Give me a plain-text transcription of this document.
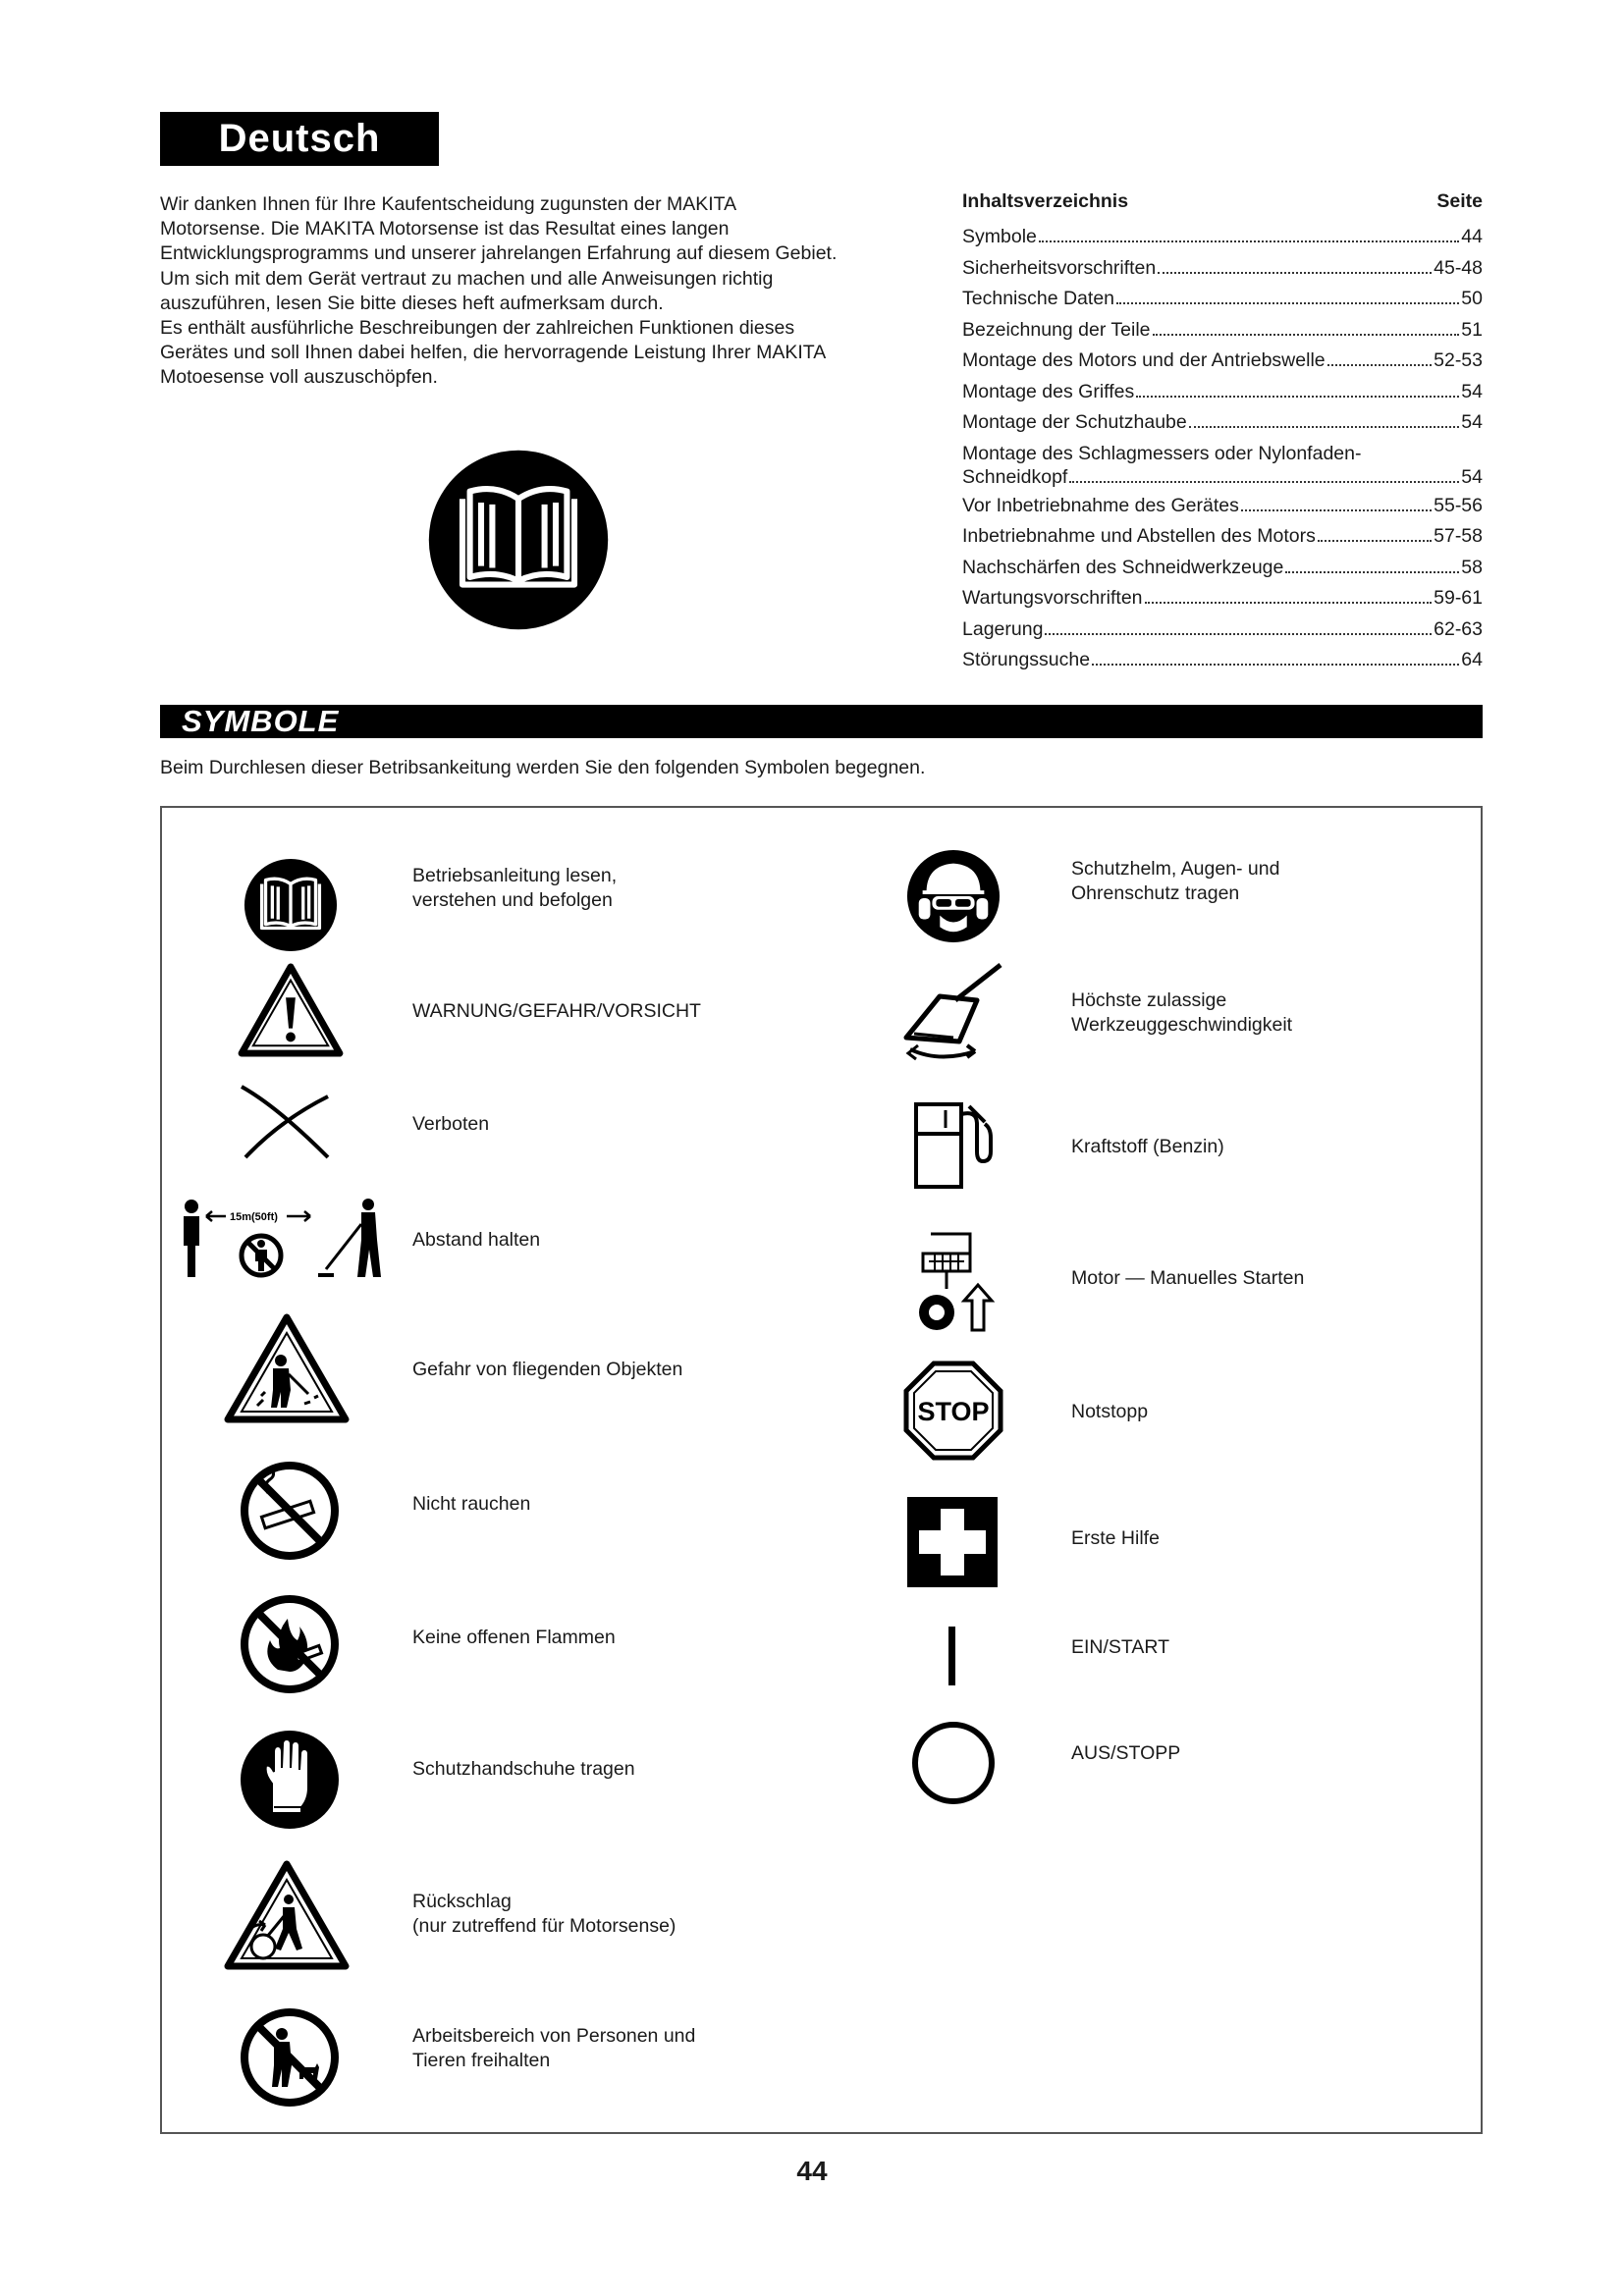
Deutsch
Wir danken Ihnen für Ihre Kaufentscheidung zugunsten der MAKITA
Motorsense. Die MAKITA Motorsense ist das Resultat eines langen
Entwicklungsprogramms und unserer jahrelangen Erfahrung auf diesem Gebiet.
Um sich mit dem Gerät vertraut zu machen und alle Anweisungen richtig
auszuführen, lesen Sie bitte dieses heft aufmerksam durch.
Es enthält ausführliche Beschreibungen der zahlreichen Funktionen dieses
Gerätes und soll Ihnen dabei helfen, die hervorragende Leistung Ihrer MAKITA
Motoesense voll auszuschöpfen.
Inhaltsverzeichnis	Seite
Symbole	44
Sicherheitsvorschriften	45-48
Technische Daten	50
Bezeichnung der Teile	51
Montage des Motors und der Antriebswelle	52-53
Montage des Griffes	54
Montage der Schutzhaube	54
Montage des Schlagmessers oder Nylonfaden-
Schneidkopf	54
Vor Inbetriebnahme des Gerätes	55-56
Inbetriebnahme und Abstellen des Motors	57-58
Nachschärfen des Schneidwerkzeuge	58
Wartungsvorschriften	59-61
Lagerung	62-63
Störungssuche	64
SYMBOLE
Beim Durchlesen dieser Betribsankeitung werden Sie den folgenden Symbolen begegnen.
Betriebsanleitung lesen,
verstehen und befolgen
WARNUNG/GEFAHR/VORSICHT
Verboten
15m(50ft)
Abstand halten
Gefahr von fliegenden Objekten
Nicht rauchen
Keine offenen Flammen
Schutzhandschuhe tragen
Rückschlag
(nur zutreffend für Motorsense)
Arbeitsbereich von Personen und
Tieren freihalten
Schutzhelm, Augen- und
Ohrenschutz tragen
Höchste zulassige
Werkzeuggeschwindigkeit
Kraftstoff (Benzin)
Motor — Manuelles Starten
STOP	Notstopp
Erste Hilfe
EIN/START
AUS/STOPP
44
